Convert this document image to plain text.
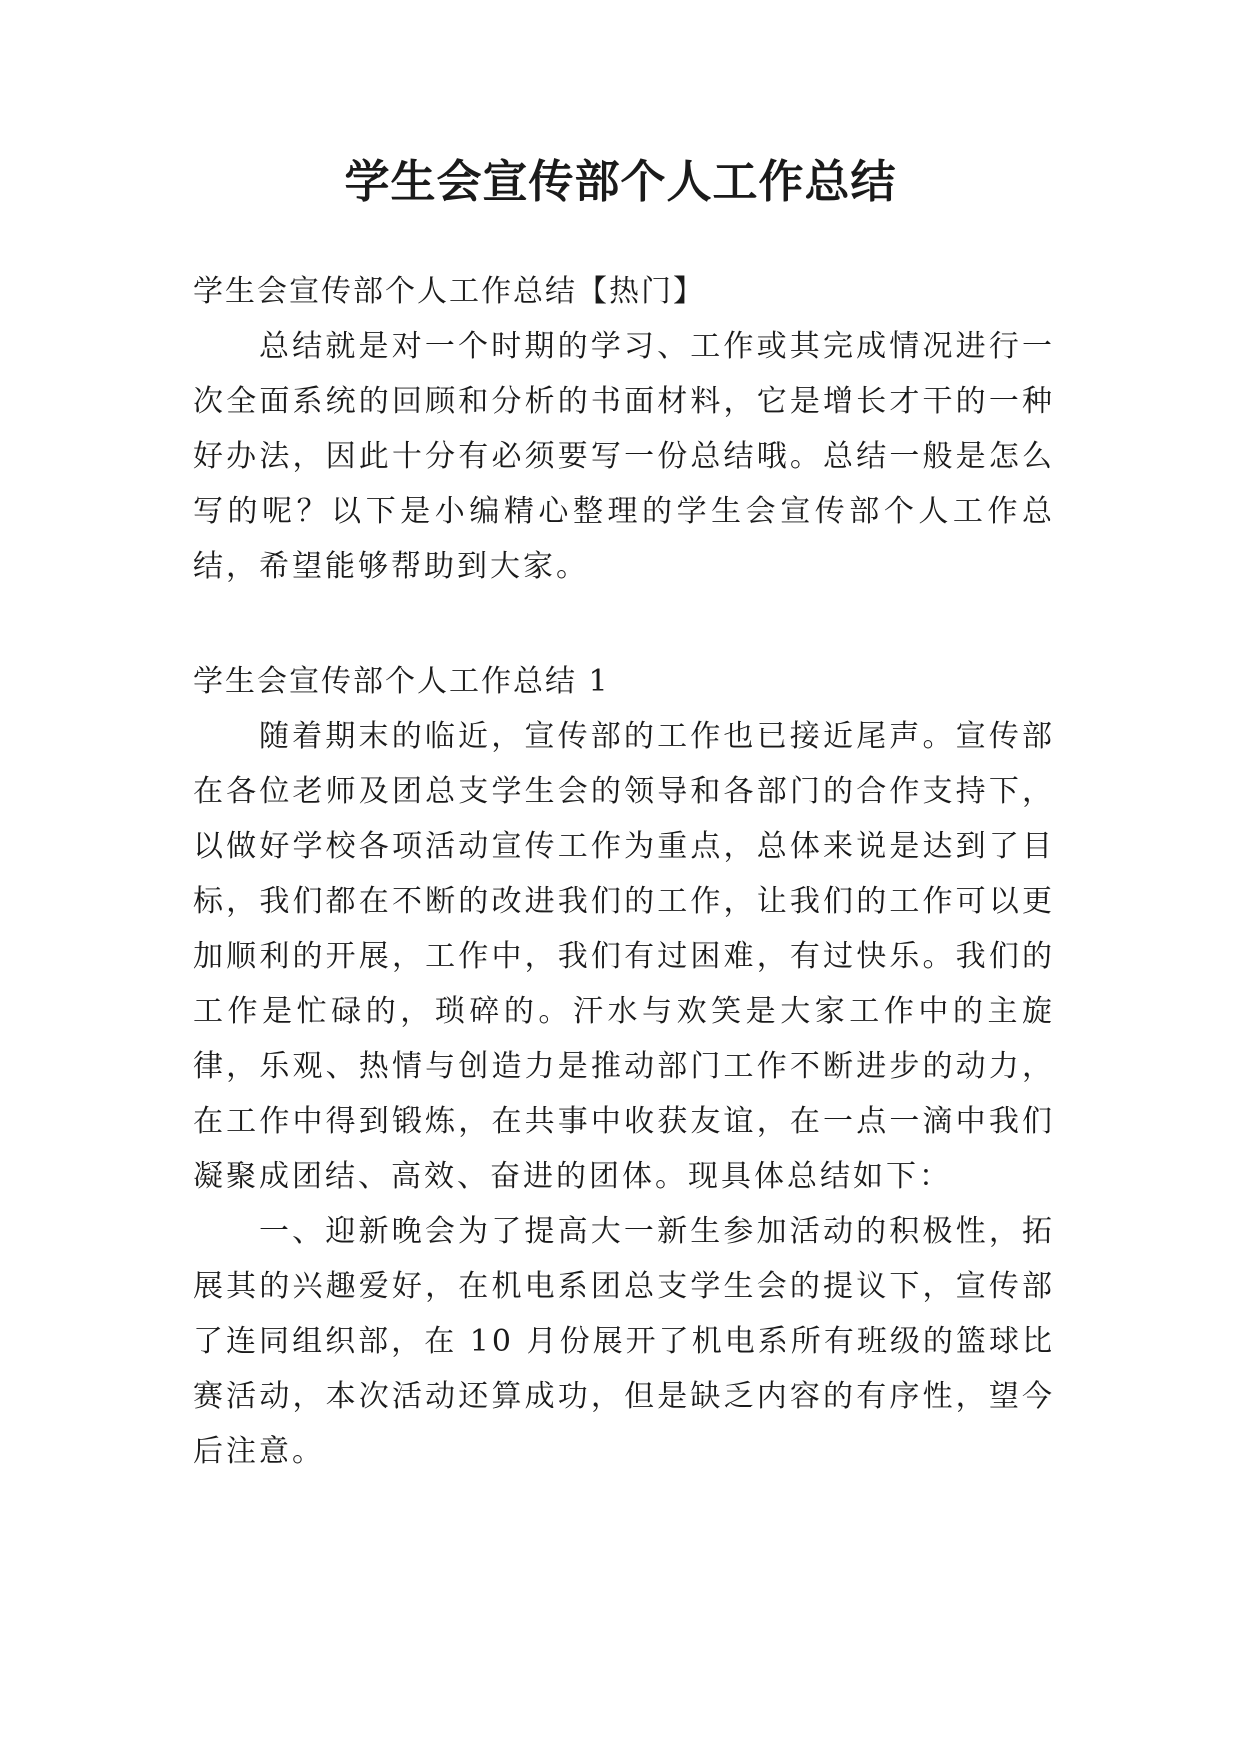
学生会宣传部个人工作总结

学生会宣传部个人工作总结【热门】

总结就是对一个时期的学习、工作或其完成情况进行一次全面系统的回顾和分析的书面材料，它是增长才干的一种好办法，因此十分有必须要写一份总结哦。总结一般是怎么写的呢？以下是小编精心整理的学生会宣传部个人工作总结，希望能够帮助到大家。

学生会宣传部个人工作总结 1

随着期末的临近，宣传部的工作也已接近尾声。宣传部在各位老师及团总支学生会的领导和各部门的合作支持下，以做好学校各项活动宣传工作为重点，总体来说是达到了目标，我们都在不断的改进我们的工作，让我们的工作可以更加顺利的开展，工作中，我们有过困难，有过快乐。我们的工作是忙碌的，琐碎的。汗水与欢笑是大家工作中的主旋律，乐观、热情与创造力是推动部门工作不断进步的动力，在工作中得到锻炼，在共事中收获友谊，在一点一滴中我们凝聚成团结、高效、奋进的团体。现具体总结如下：

一、迎新晚会为了提高大一新生参加活动的积极性，拓展其的兴趣爱好，在机电系团总支学生会的提议下，宣传部了连同组织部，在 10 月份展开了机电系所有班级的篮球比赛活动，本次活动还算成功，但是缺乏内容的有序性，望今后注意。
